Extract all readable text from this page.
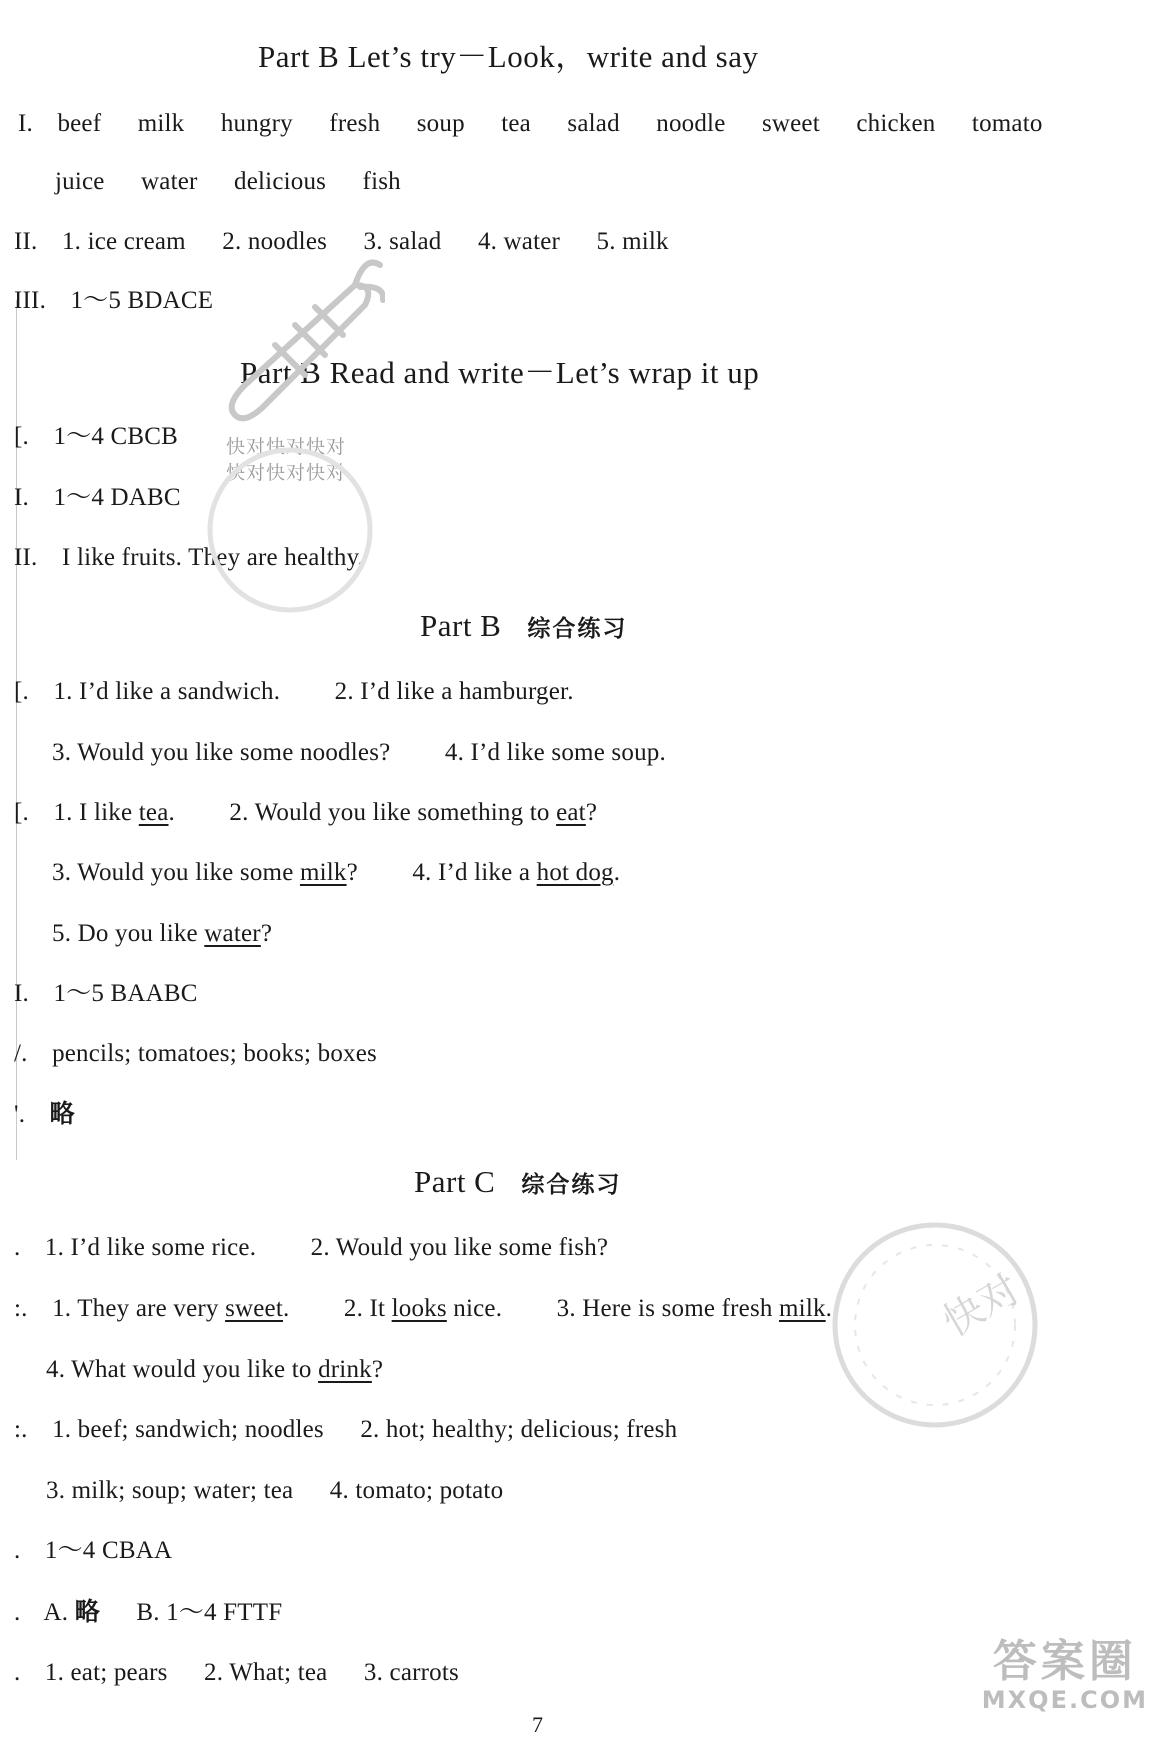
Part B Let’s try－Look，write and say
I. beef milk hungry fresh soup tea salad noodle sweet chicken tomato
juice water delicious fish
II. 1. ice cream 2. noodles 3. salad 4. water 5. milk
III. 1～5 BDACE
Part B Read and write－Let’s wrap it up
[. 1～4 CBCB
I. 1～4 DABC
II. I like fruits. They are healthy.
Part B 综合练习
[. 1. I’d like a sandwich. 2. I’d like a hamburger.
3. Would you like some noodles? 4. I’d like some soup.
[. 1. I like tea. 2. Would you like something to eat?
3. Would you like some milk? 4. I’d like a hot dog.
5. Do you like water?
I. 1～5 BAABC
/. pencils; tomatoes; books; boxes
'. 略
Part C 综合练习
. 1. I’d like some rice. 2. Would you like some fish?
:. 1. They are very sweet. 2. It looks nice. 3. Here is some fresh milk.
4. What would you like to drink?
:. 1. beef; sandwich; noodles 2. hot; healthy; delicious; fresh
3. milk; soup; water; tea 4. tomato; potato
. 1～4 CBAA
. A. 略 B. 1～4 FTTF
. 1. eat; pears 2. What; tea 3. carrots
7
快对快对快对
快对快对快对
快对
答案圈
MXQE.COM
